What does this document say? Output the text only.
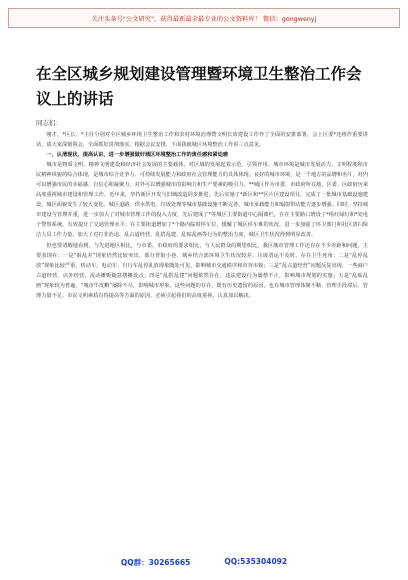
关注头条号"公文研究"，获得最新最全最专业的公文资料库！ 微信：gongwenyj
在全区城乡规划建设管理暨环境卫生整治工作会议上的讲话
同志们：

刚才，*区长、*主任分别对全区城乡环境卫生整治工作和农村环境治理暨文明长效建设工作作了全面的安排部署，会上区委*还将作重要讲话，请大家深刻领会，全面抓好贯彻落实。根据会议安排，下面我就城区环境整治工作讲三点意见。

一、认清现状，提高认识，进一步增强做好城区环境整治工作的责任感和紧迫感

城市是物质文明、精神文明建设和经济社会发展的主要载体，对区域的发展起着示范、引领作用。城市环境是城市发展活力、文明程度和市民精神风貌的综合体现，是城市综合竞争力、可持续发展能力和政府社会管理能力的具体体现。良好的城市环境，是一个地方的品牌和名片，对内可以增强市民的幸福感、自信心和凝聚力，对外可以增强城市的影响力和生产要素的吸引力。**城区作为市委、市政府所在地，区委、区政府历来高度重视城市建设和管理工作。近年来，坚持新区开发与旧城改造同步推进，先后实施了*新区和**区片区建设项目，完成了一批城市基础设施建设，城区面貌发生了较大变化。城区道路、供水供电、垃圾处理等城市基础设施不断完善，城市承载能力和辐射带动能力逐步增强。同时，坚持城市建设与管理并重，进一步加大了对城市管理工作的投入力度，先后建成了*等城区主要街道中心隔离栏，在在主要路口增设了*组红绿灯和*处电子警察系统，有效提升了交通管理水平；在主要街道增加了*个路内临时停车位，缓解了城区停车难的状况，进一步加强了环卫部门和社区清扫保洁人员工作力量。加大了对打非治违、乱占道经营、乱搭乱建、乱贴乱画等行为的整治力度，城区卫生状况得到明显改善。

但也要清醒地看到，与先进地区相比，与市委、市政府的要求相比，与人民群众的期望相比，我区城市管理工作还存在不少差距和问题，主要表现在：一是“脏乱差”现象仍然比较突出。部分背街小巷、城乡结合部环境卫生状况较差，垃圾清运不及时，存在卫生死角；二是“乱停乱放”现象比较严重，机动车、电动车、自行车乱停乱放现象随处可见，影响城市交通秩序和市容市貌；三是“乱占道经营”问题反复出现，一些商户占道经营、店外经营，流动摊贩随意摆摊设点；四是“乱搭乱建”问题依然存在，违法建设行为屡禁不止，影响城市规划的实施；五是“乱贴乱画”现象较为普遍，“城市牛皮癣”屡除不尽，影响城市形象。这些问题的存在，既有历史遗留的原因，也有城市管理体制不顺、管理手段滞后、管理力量不足、市民文明素质有待提高等方面的原因，必须引起我们的高度重视，认真加以解决。

QQ群：30265665	QQ:535304092
